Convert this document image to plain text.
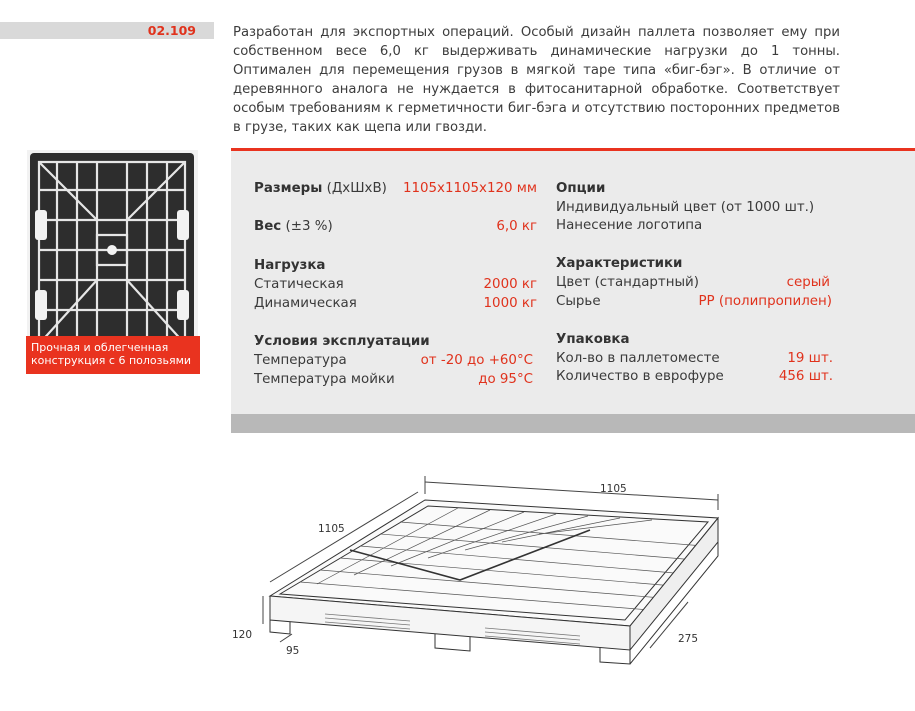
02.109	Разработан для экспортных операций. Особый дизайн паллета позволяет ему при собственном весе 6,0 кг выдерживать динамические нагрузки до 1 тонны. Оптимален для перемещения грузов в мягкой таре типа «биг-бэг». В отличие от деревянного аналога не нуждается в фитосанитарной обработке. Соответствует особым требованиям к герметичности биг-бэга и отсутствию посторонних предметов в грузе, таких как щепа или гвозди.

Прочная и облегченная
конструкция с 6 полозьями
Размеры (ДхШхВ) 1105х1105х120 мм
Вес (±3 %)	6,0 кг
Нагрузка
Статическая	2000 кг
Динамическая	1000 кг
Условия эксплуатации
Температура	от -20 до +60°С
Температура мойки	до 95°С
Опции
Индивидуальный цвет (от 1000 шт.)
Нанесение логотипа
Характеристики
Цвет (стандартный)	серый
Сырье	PP (полипропилен)
Упаковка
Кол-во в паллетоместе	19 шт.
Количество в еврофуре	456 шт.
1105
1105
120
95
275
